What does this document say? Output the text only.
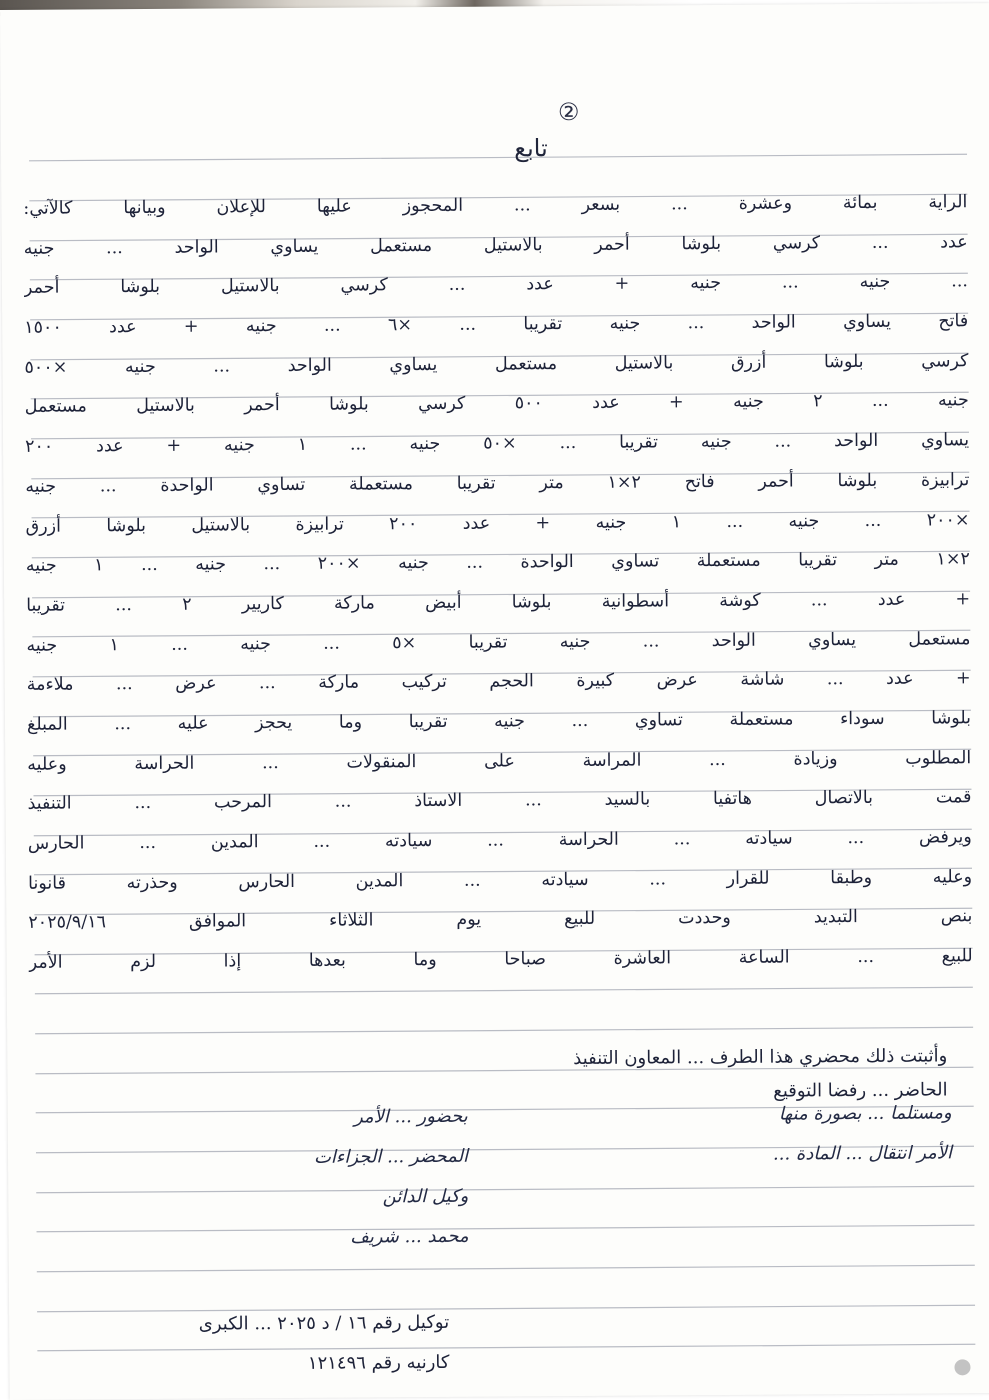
②
تابع
الراية بمائة وعشرة ... بسعر ... المحجوز عليها للإعلان وبيانها كالآتي:
عدد ... كرسي بلوشا أحمر بالاستيل مستعمل يساوي الواحد ... جنيه
... جنيه ... جنيه + عدد ... كرسي بالاستيل بلوشا أحمر
فاتح يساوي الواحد ... جنيه تقريبا ... ×٦ ... جنيه + عدد ١٥٠٠
كرسي بلوشا أزرق بالاستيل مستعمل يساوي الواحد ... جنيه ×٥٠٠
جنيه ... ٢ جنيه + عدد ٥٠٠ كرسي بلوشا أحمر بالاستيل مستعمل
يساوي الواحد ... جنيه تقريبا ... ×٥٠ جنيه ... ١ جنيه + عدد ٢٠٠
ترابيزة بلوشا أحمر فاتح ٢×١ متر تقريبا مستعملة تساوي الواحدة ... جنيه
×٢٠٠ ... جنيه ... ١ جنيه + عدد ٢٠٠ ترابيزة بالاستيل بلوشا أزرق
٢×١ متر تقريبا مستعملة تساوي الواحدة ... جنيه ×٢٠٠ ... جنيه ... ١ جنيه
+ عدد ... كوشة أسطوانية بلوشا أبيض ماركة كاريير ٢ ... تقريبا
مستعمل يساوي الواحد ... جنيه تقريبا ×٥ ... جنيه ... ١ جنيه
+ عدد ... شاشة عرض كبيرة الحجم تركيب ماركة ... عرض ... ملاءمة
بلوشا سوداء مستعملة تساوي ... جنيه تقريبا وما يحجز عليه ... المبلغ
المطلوب وزيادة ... المراسة على المنقولات ... الحراسة وعليه
قمت بالاتصال هاتفيا بالسيد ... الاستاذ ... المرحب ... التنفيذ
ويرفض ... سيادته ... الحراسة ... سيادته ... المدين ... الحارس
وعليه وطبقا للقرار ... سيادته ... المدين الحارس وحذرته قانونا
بنص التبديد وحددت للبيع يوم الثلاثاء الموافق ٢٠٢٥/٩/١٦
للبيع ... الساعة العاشرة صباحا وما بعدها إذا لزم الأمر
وأثبتت ذلك محضري هذا الطرف ... المعاون التنفيذ
الحاضر ... رفضا التوقيع
ومستلما ... بصورة منها
الأمر انتقال ... المادة ...
بحضور ... الأمر
المحضر ... الجزاءات
وكيل الدائن
محمد ... شريف
توكيل رقم ١٦ / د ٢٠٢٥ ... الكبرى
كارنيه رقم ١٢١٤٩٦
